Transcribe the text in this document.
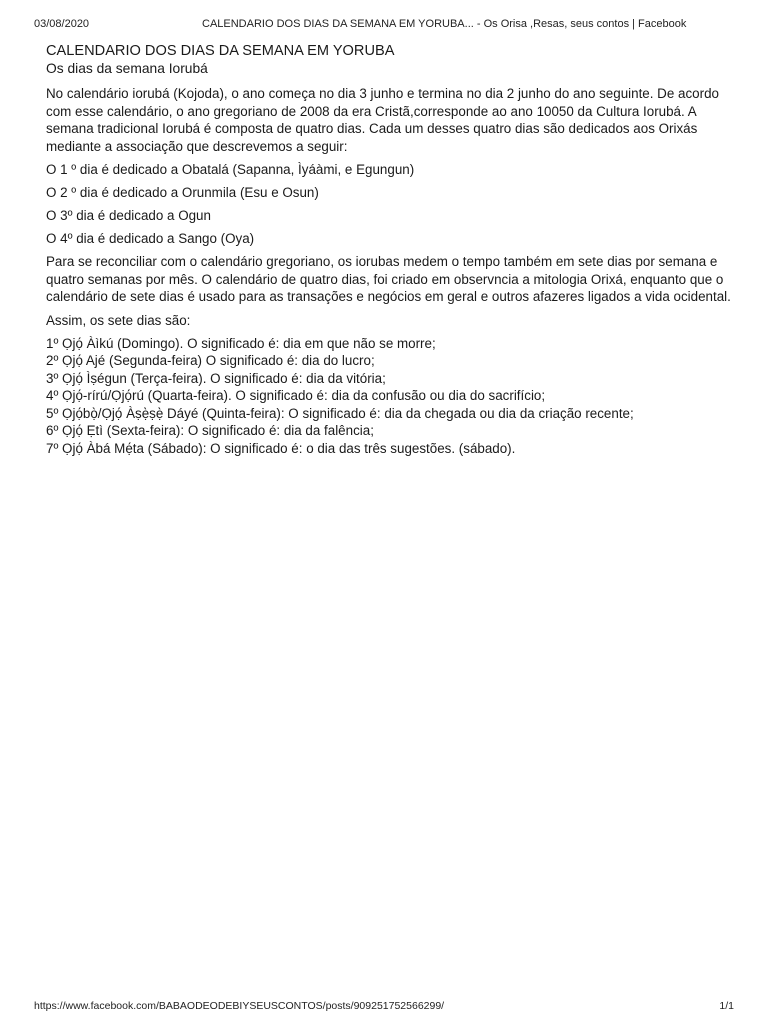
03/08/2020	CALENDARIO DOS DIAS DA SEMANA EM YORUBA... - Os Orisa ,Resas, seus contos | Facebook
CALENDARIO DOS DIAS DA SEMANA EM YORUBA
Os dias da semana Iorubá

No calendário iorubá (Kojoda), o ano começa no dia 3 junho e termina no dia 2 junho do ano seguinte. De acordo com esse calendário, o ano gregoriano de 2008 da era Cristã,corresponde ao ano 10050 da Cultura Iorubá. A semana tradicional Iorubá é composta de quatro dias. Cada um desses quatro dias são dedicados aos Orixás mediante a associação que descrevemos a seguir:

O 1 º dia é dedicado a Obatalá (Sapanna, Ìyáàmi, e Egungun)
O 2 º dia é dedicado a Orunmila (Esu e Osun)
O 3º dia é dedicado a Ogun
O 4º dia é dedicado a Sango (Oya)

Para se reconciliar com o calendário gregoriano, os iorubas medem o tempo também em sete dias por semana e quatro semanas por mês. O calendário de quatro dias, foi criado em observncia a mitologia Orixá, enquanto que o calendário de sete dias é usado para as transações e negócios em geral e outros afazeres ligados a vida ocidental.

Assim, os sete dias são:
1º Ọjọ́ Àìkú (Domingo). O significado é: dia em que não se morre;
2º Ọjọ́ Ajé (Segunda-feira) O significado é: dia do lucro;
3º Ọjọ́ Ìṣégun (Terça-feira). O significado é: dia da vitória;
4º Ọjọ́-rírú/Ọjọ́rú (Quarta-feira). O significado é: dia da confusão ou dia do sacrifício;
5º Ọjọ́bọ̀/Ọjọ́ Àṣẹ̀ṣẹ̀ Dáyé (Quinta-feira): O significado é: dia da chegada ou dia da criação recente;
6º Ọjọ́ Ẹtì (Sexta-feira): O significado é: dia da falência;
7º Ọjọ́ Àbá Mẹ́ta (Sábado): O significado é: o dia das três sugestões. (sábado).
https://www.facebook.com/BABAODEODEBIYSEUSCONTOS/posts/909251752566299/	1/1
